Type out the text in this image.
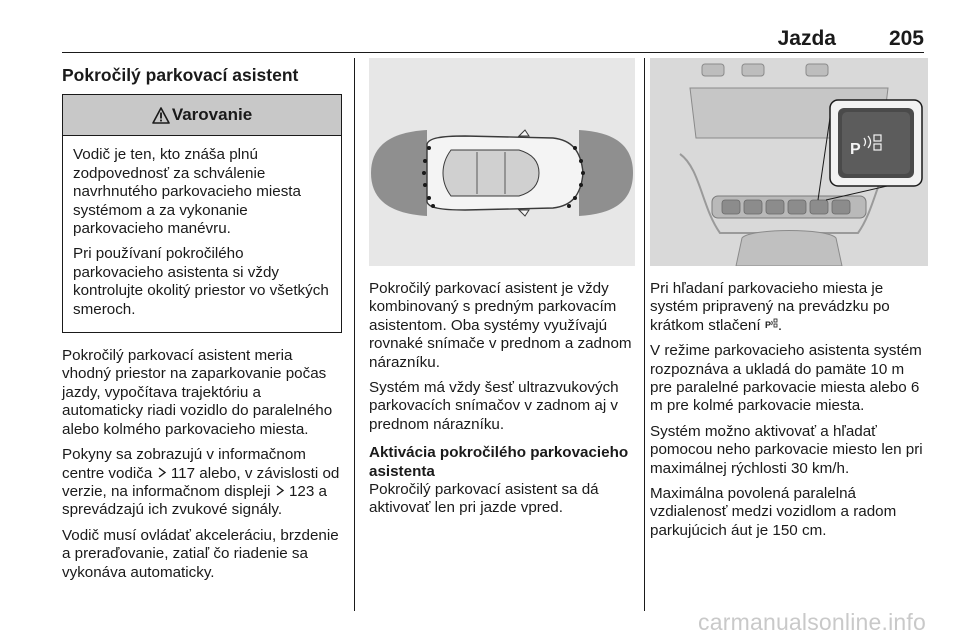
Jazda	205
Pokročilý parkovací asistent
Varovanie

Vodič je ten, kto znáša plnú zodpovednosť za schválenie navrhnutého parkovacieho miesta systémom a za vykonanie parkovacieho manévru.

Pri používaní pokročilého parkovacieho asistenta si vždy kontrolujte okolitý priestor vo všetkých smeroch.

Pokročilý parkovací asistent meria vhodný priestor na zaparkovanie počas jazdy, vypočítava trajektóriu a automaticky riadi vozidlo do paralelného alebo kolmého parkovacieho miesta.

Pokyny sa zobrazujú v informačnom centre vodiča 117 alebo, v závislosti od verzie, na informačnom displeji 123 a sprevádzajú ich zvukové signály.

Vodič musí ovládať akceleráciu, brzdenie a preraďovanie, zatiaľ čo riadenie sa vykonáva automaticky.

Pokročilý parkovací asistent je vždy kombinovaný s predným parkovacím asistentom. Oba systémy využívajú rovnaké snímače v prednom a zadnom nárazníku.

Systém má vždy šesť ultrazvukových parkovacích snímačov v zadnom aj v prednom nárazníku.

Aktivácia pokročilého parkovacieho asistenta

Pokročilý parkovací asistent sa dá aktivovať len pri jazde vpred.

P

Pri hľadaní parkovacieho miesta je systém pripravený na prevádzku po krátkom stlačení P .

V režime parkovacieho asistenta systém rozpoznáva a ukladá do pamäte 10 m pre paralelné parkovacie miesta alebo 6 m pre kolmé parkovacie miesta.

Systém možno aktivovať a hľadať pomocou neho parkovacie miesto len pri maximálnej rýchlosti 30 km/h.

Maximálna povolená paralelná vzdialenosť medzi vozidlom a radom parkujúcich áut je 150 cm.

carmanualsonline.info
